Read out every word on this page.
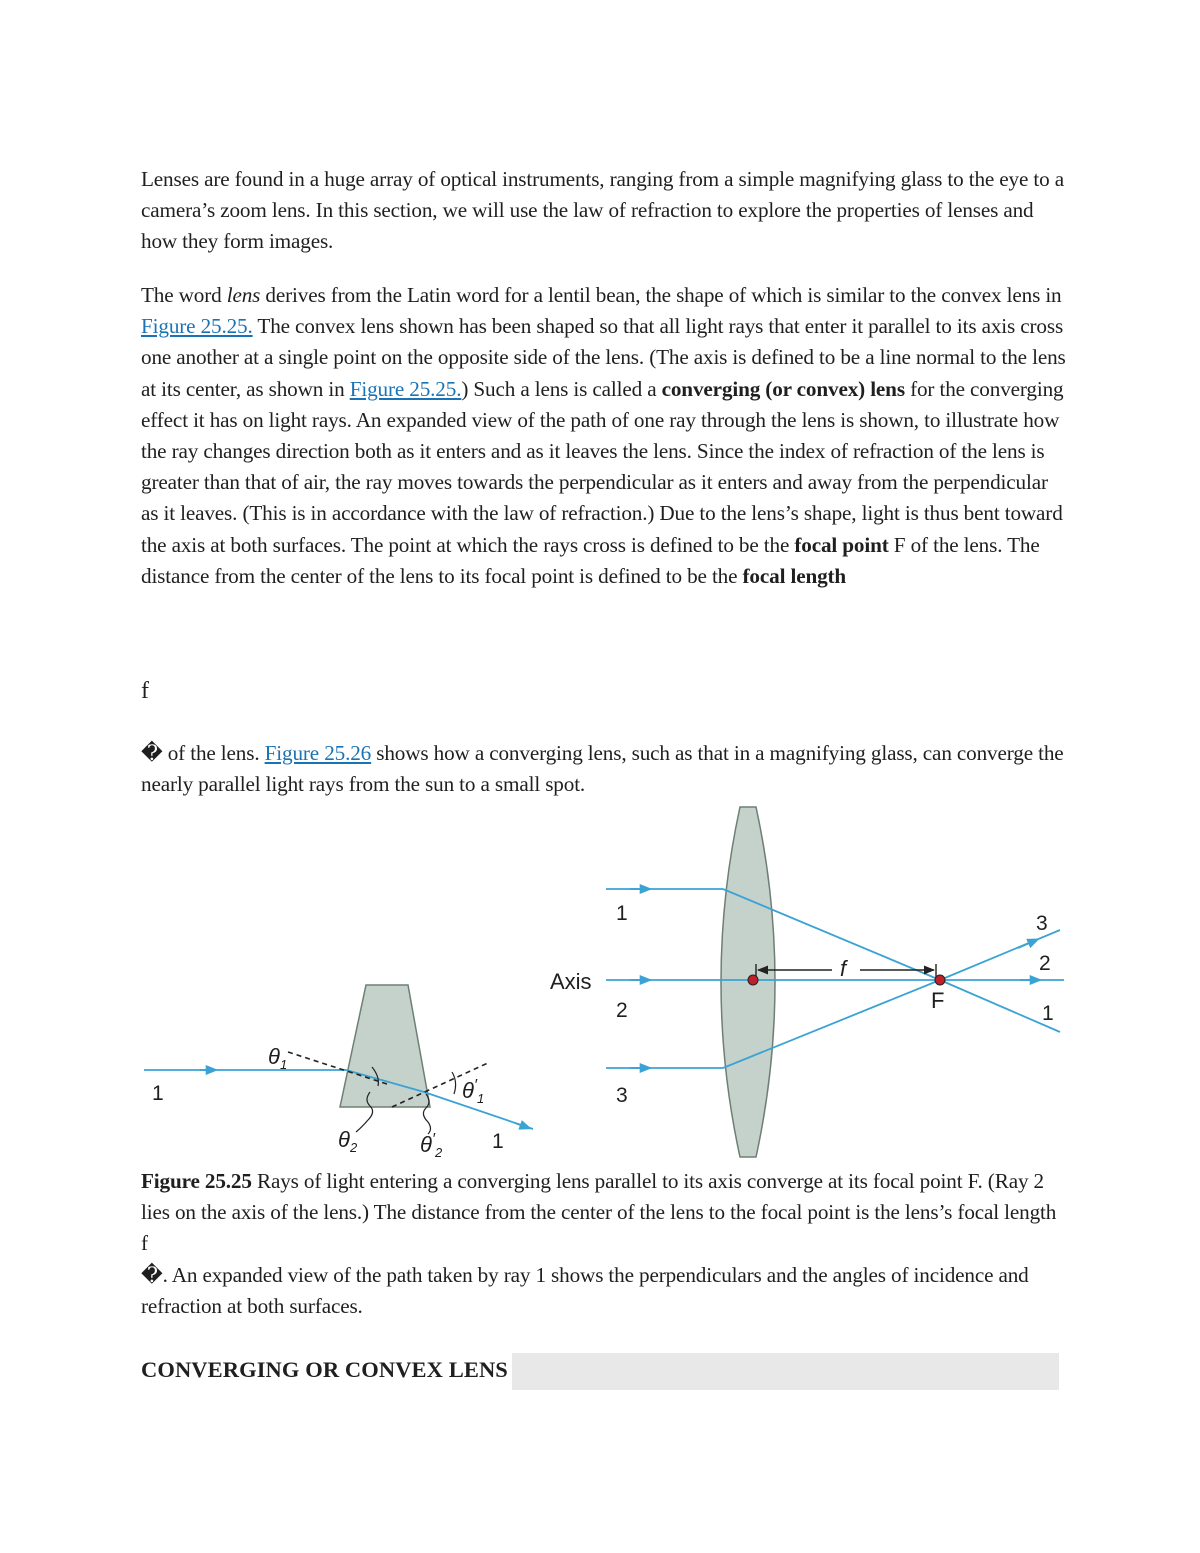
Lenses are found in a huge array of optical instruments, ranging from a simple magnifying glass to the eye to a camera’s zoom lens. In this section, we will use the law of refraction to explore the properties of lenses and how they form images.

The word lens derives from the Latin word for a lentil bean, the shape of which is similar to the convex lens in Figure 25.25. The convex lens shown has been shaped so that all light rays that enter it parallel to its axis cross one another at a single point on the opposite side of the lens. (The axis is defined to be a line normal to the lens at its center, as shown in Figure 25.25.) Such a lens is called a converging (or convex) lens for the converging effect it has on light rays. An expanded view of the path of one ray through the lens is shown, to illustrate how the ray changes direction both as it enters and as it leaves the lens. Since the index of refraction of the lens is greater than that of air, the ray moves towards the perpendicular as it enters and away from the perpendicular as it leaves. (This is in accordance with the law of refraction.) Due to the lens’s shape, light is thus bent toward the axis at both surfaces. The point at which the rays cross is defined to be the focal point F of the lens. The distance from the center of the lens to its focal point is defined to be the focal length

f

� of the lens. Figure 25.26 shows how a converging lens, such as that in a magnifying glass, can converge the nearly parallel light rays from the sun to a small spot.

$\theta_1$
$\theta'_1$
$\theta_2$	$\theta'_2$
1
1
f
F
Axis
1
2
3
3
2
1

Figure 25.25 Rays of light entering a converging lens parallel to its axis converge at its focal point F. (Ray 2 lies on the axis of the lens.) The distance from the center of the lens to the focal point is the lens’s focal length

f

�. An expanded view of the path taken by ray 1 shows the perpendiculars and the angles of incidence and refraction at both surfaces.

CONVERGING OR CONVEX LENS
